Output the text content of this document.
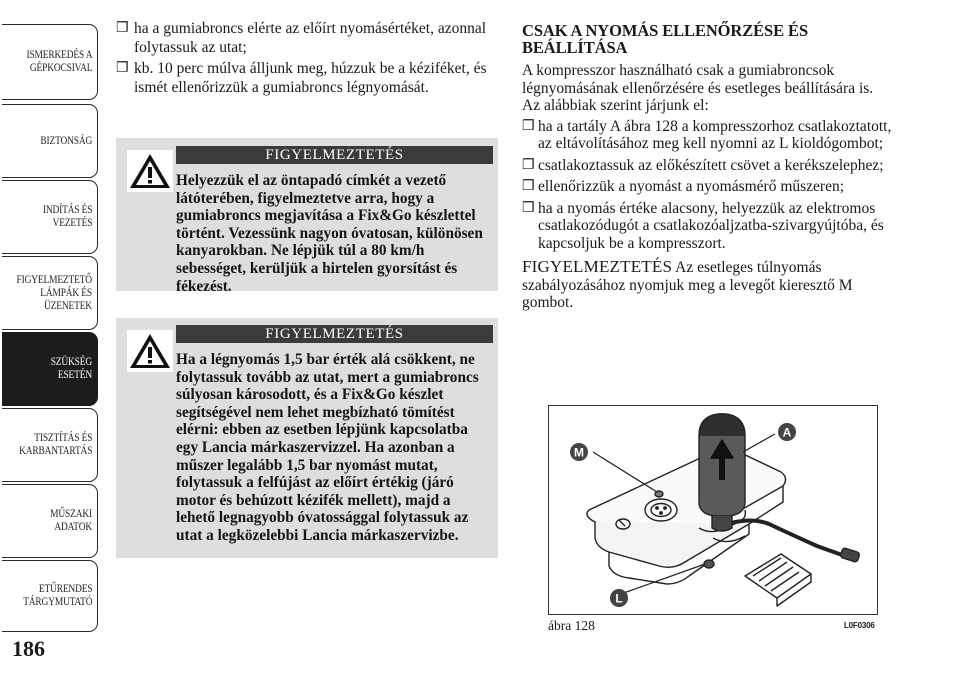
ISMERKEDÉS A
GÉPKOCSIVAL
BIZTONSÁG
INDÍTÁS ÉS
VEZETÉS
FIGYELMEZTETŐ
LÁMPÁK ÉS
ÜZENETEK
SZÜKSÉG ESETÉN
TISZTÍTÁS ÉS
KARBANTARTÁS
MŰSZAKI ADATOK
ETŰRENDES
TÁRGYMUTATÓ
186
❒ ha a gumiabroncs elérte az előírt nyomásértéket, azonnal folytassuk az utat;
❒ kb. 10 perc múlva álljunk meg, húzzuk be a kéziféket, és ismét ellenőrizzük a gumiabroncs légnyomását.
FIGYELMEZTETÉS
Helyezzük el az öntapadó címkét a vezető látóterében, figyelmeztetve arra, hogy a gumiabroncs megjavítása a Fix&Go készlettel történt. Vezessünk nagyon óvatosan, különösen kanyarokban. Ne lépjük túl a 80 km/h sebességet, kerüljük a hirtelen gyorsítást és fékezést.
FIGYELMEZTETÉS
Ha a légnyomás 1,5 bar érték alá csökkent, ne folytassuk tovább az utat, mert a gumiabroncs súlyosan károsodott, és a Fix&Go készlet segítségével nem lehet megbízható tömítést elérni: ebben az esetben lépjünk kapcsolatba egy Lancia márkaszervizzel. Ha azonban a műszer legalább 1,5 bar nyomást mutat, folytassuk a felfújást az előírt értékig (járó motor és behúzott kézifék mellett), majd a lehető legnagyobb óvatossággal folytassuk az utat a legközelebbi Lancia márkaszervizbe.
CSAK A NYOMÁS ELLENŐRZÉSE ÉS BEÁLLÍTÁSA

A kompresszor használható csak a gumiabroncsok légnyomásának ellenőrzésére és esetleges beállítására is.

Az alábbiak szerint járjunk el:

❒ ha a tartály A ábra 128 a kompresszorhoz csatlakoztatott, az eltávolításához meg kell nyomni az L kioldógombot;
❒ csatlakoztassuk az előkészített csövet a kerékszelephez;
❒ ellenőrizzük a nyomást a nyomásmérő műszeren;
❒ ha a nyomás értéke alacsony, helyezzük az elektromos csatlakozódugót a csatlakozóaljzatba-szivargyújtóba, és kapcsoljuk be a kompresszort.

FIGYELMEZTETÉS Az esetleges túlnyomás szabályozásához nyomjuk meg a levegőt kieresztő M gombot.

M
A
L
ábra 128	L0F0306
